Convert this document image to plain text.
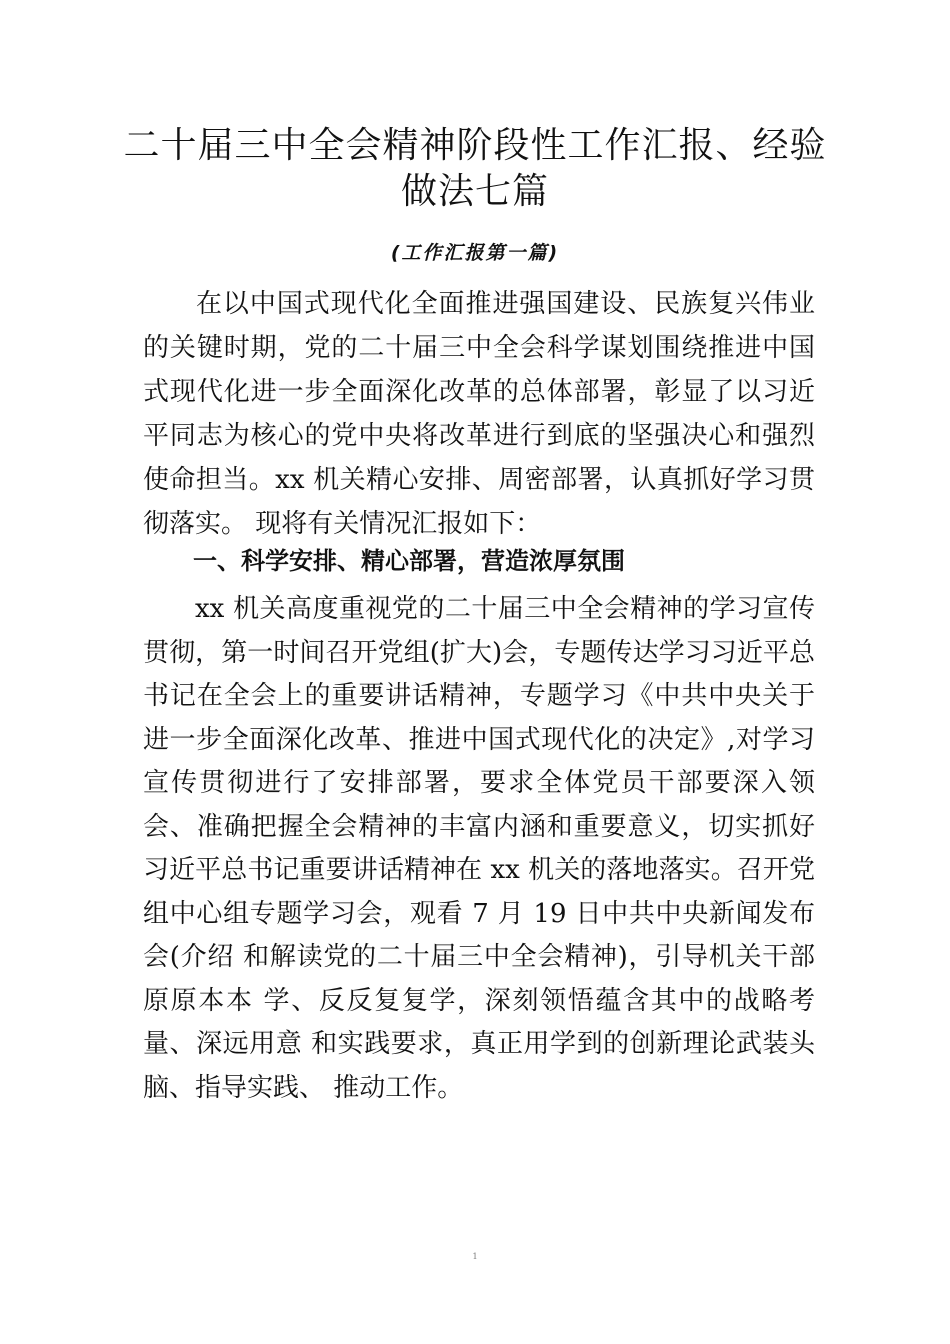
二十届三中全会精神阶段性工作汇报、经验
做法七篇
(工作汇报第一篇)

在以中国式现代化全面推进强国建设、民族复兴伟业的关键时期，党的二十届三中全会科学谋划围绕推进中国式现代化进一步全面深化改革的总体部署，彰显了以习近平同志为核心的党中央将改革进行到底的坚强决心和强烈使命担当。xx 机关精心安排、周密部署，认真抓好学习贯彻落实。 现将有关情况汇报如下：

一、科学安排、精心部署，营造浓厚氛围

xx 机关高度重视党的二十届三中全会精神的学习宣传贯彻，第一时间召开党组(扩大)会，专题传达学习习近平总书记在全会上的重要讲话精神，专题学习《中共中央关于进一步全面深化改革、推进中国式现代化的决定》,对学习宣传贯彻进行了安排部署，要求全体党员干部要深入领会、准确把握全会精神的丰富内涵和重要意义，切实抓好习近平总书记重要讲话精神在 xx 机关的落地落实。召开党组中心组专题学习会，观看 7 月 19 日中共中央新闻发布会(介绍 和解读党的二十届三中全会精神)，引导机关干部原原本本 学、反反复复学，深刻领悟蕴含其中的战略考量、深远用意 和实践要求，真正用学到的创新理论武装头脑、指导实践、 推动工作。

1
